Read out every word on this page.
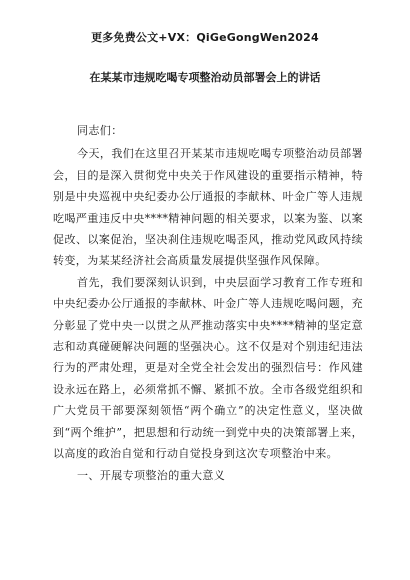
更多免费公文+VX：QiGeGongWen2024
在某某市违规吃喝专项整治动员部署会上的讲话

同志们：

今天，我们在这里召开某某市违规吃喝专项整治动员部署会，目的是深入贯彻党中央关于作风建设的重要指示精神，特别是中央巡视中央纪委办公厅通报的李献林、叶金广等人违规吃喝严重违反中央****精神问题的相关要求，以案为鉴、以案促改、以案促治，坚决刹住违规吃喝歪风，推动党风政风持续转变，为某某经济社会高质量发展提供坚强作风保障。

首先，我们要深刻认识到，中央层面学习教育工作专班和中央纪委办公厅通报的李献林、叶金广等人违规吃喝问题，充分彰显了党中央一以贯之从严推动落实中央****精神的坚定意志和动真碰硬解决问题的坚强决心。这不仅是对个别违纪违法行为的严肃处理，更是对全党全社会发出的强烈信号：作风建设永远在路上，必须常抓不懈、紧抓不放。全市各级党组织和广大党员干部要深刻领悟“两个确立”的决定性意义，坚决做到“两个维护”，把思想和行动统一到党中央的决策部署上来，以高度的政治自觉和行动自觉投身到这次专项整治中来。

一、开展专项整治的重大意义
